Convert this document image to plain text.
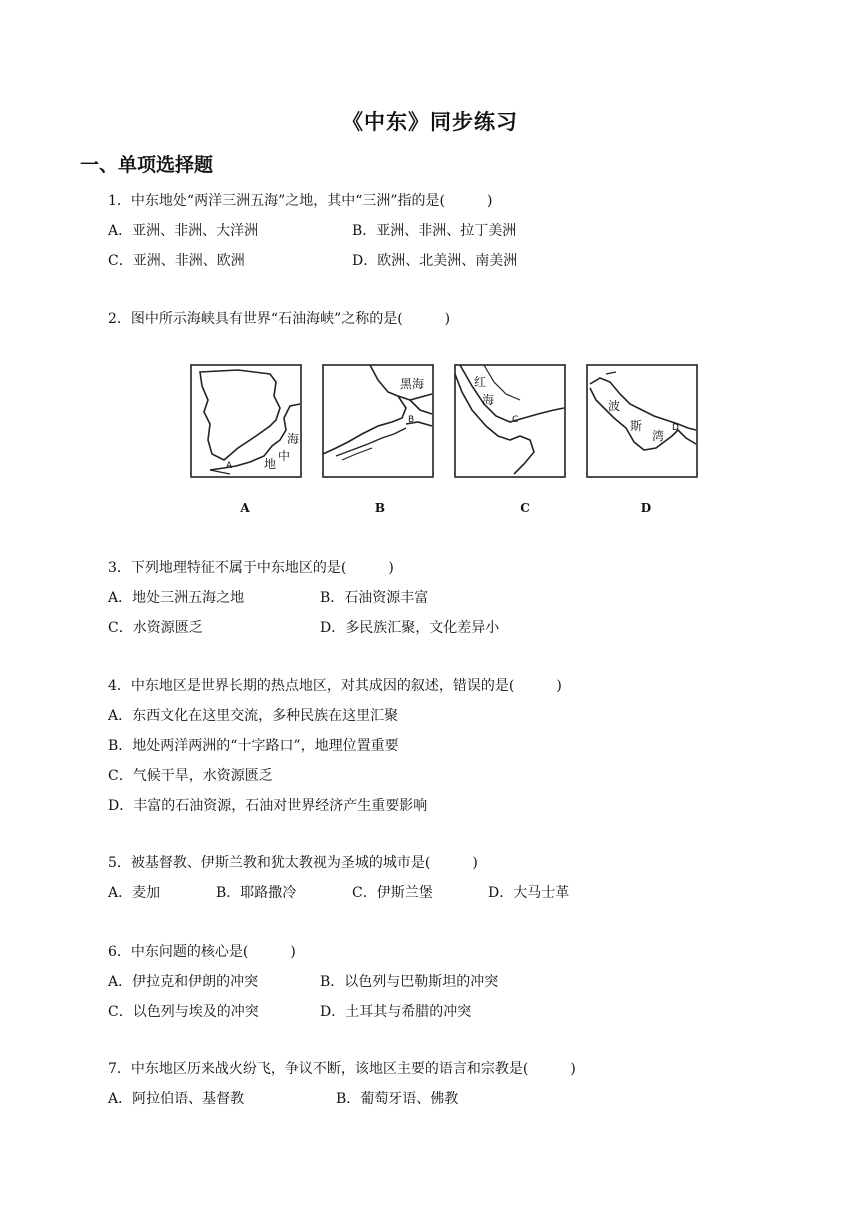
《中东》同步练习
一、单项选择题
1．中东地处“两洋三洲五海”之地，其中“三洲”指的是(　　　)
A．亚洲、非洲、大洋洲	B．亚洲、非洲、拉丁美洲
C．亚洲、非洲、欧洲	D．欧洲、北美洲、南美洲
2．图中所示海峡具有世界“石油海峡”之称的是(　　　)
海
中
地
A
黑海
B
红
海
C
波
斯
湾
D
A	B	C	D
3．下列地理特征不属于中东地区的是(　　　)
A．地处三洲五海之地	B．石油资源丰富
C．水资源匮乏	D．多民族汇聚，文化差异小
4．中东地区是世界长期的热点地区，对其成因的叙述，错误的是(　　　)
A．东西文化在这里交流，多种民族在这里汇聚
B．地处两洋两洲的“十字路口”，地理位置重要
C．气候干旱，水资源匮乏
D．丰富的石油资源，石油对世界经济产生重要影响
5．被基督教、伊斯兰教和犹太教视为圣城的城市是(　　　)
A．麦加	B．耶路撒冷	C．伊斯兰堡	D．大马士革
6．中东问题的核心是(　　　)
A．伊拉克和伊朗的冲突	B．以色列与巴勒斯坦的冲突
C．以色列与埃及的冲突	D．土耳其与希腊的冲突
7．中东地区历来战火纷飞，争议不断，该地区主要的语言和宗教是(　　　)
A．阿拉伯语、基督教	B．葡萄牙语、佛教
